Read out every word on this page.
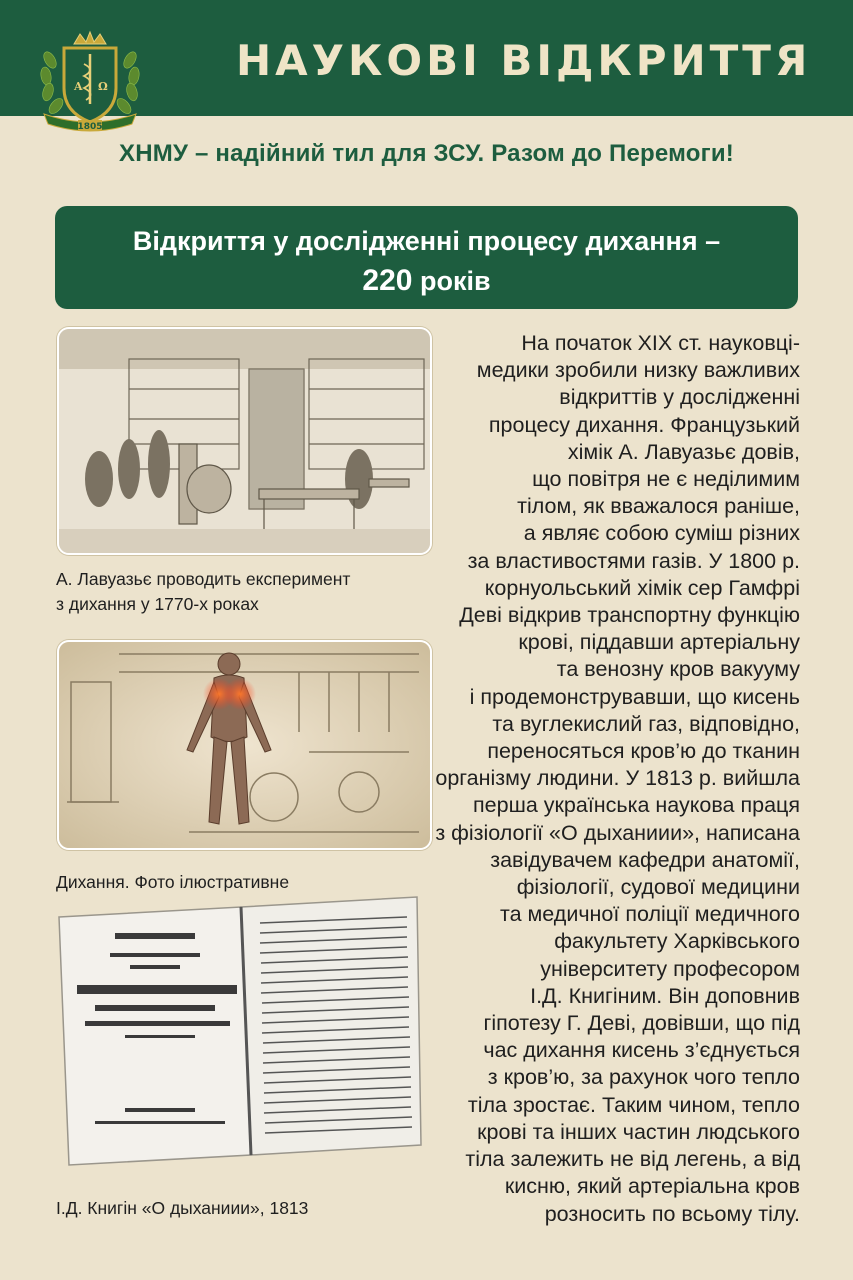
A Ω
1805
НАУКОВІ ВІДКРИТТЯ
ХНМУ – надійний тил для ЗСУ. Разом до Перемоги!
Відкриття у дослідженні процесу дихання –
220 років
А. Лавуазьє проводить експеримент
з дихання у 1770-х роках
Дихання. Фото ілюстративне
І.Д. Книгін «О дыханиии», 1813
На початок ХІХ ст. науковці-
медики зробили низку важливих
відкриттів у дослідженні
процесу дихання. Французький
хімік А. Лавуазьє довів,
що повітря не є неділимим
тілом, як вважалося раніше,
а являє собою суміш різних
за властивостями газів. У 1800 р.
корнуольський хімік сер Гамфрі
Деві відкрив транспортну функцію
крові, піддавши артеріальну
та венозну кров вакууму
і продемонструвавши, що кисень
та вуглекислий газ, відповідно,
переносяться кров’ю до тканин
організму людини. У 1813 р. вийшла
перша українська наукова праця
з фізіології «О дыханиии», написана
завідувачем кафедри анатомії,
фізіології, судової медицини
та медичної поліції медичного
факультету Харківського
університету професором
І.Д. Книгіним. Він доповнив
гіпотезу Г. Деві, довівши, що під
час дихання кисень з’єднується
з кров’ю, за рахунок чого тепло
тіла зростає. Таким чином, тепло
крові та інших частин людського
тіла залежить не від легень, а від
кисню, який артеріальна кров
розносить по всьому тілу.
